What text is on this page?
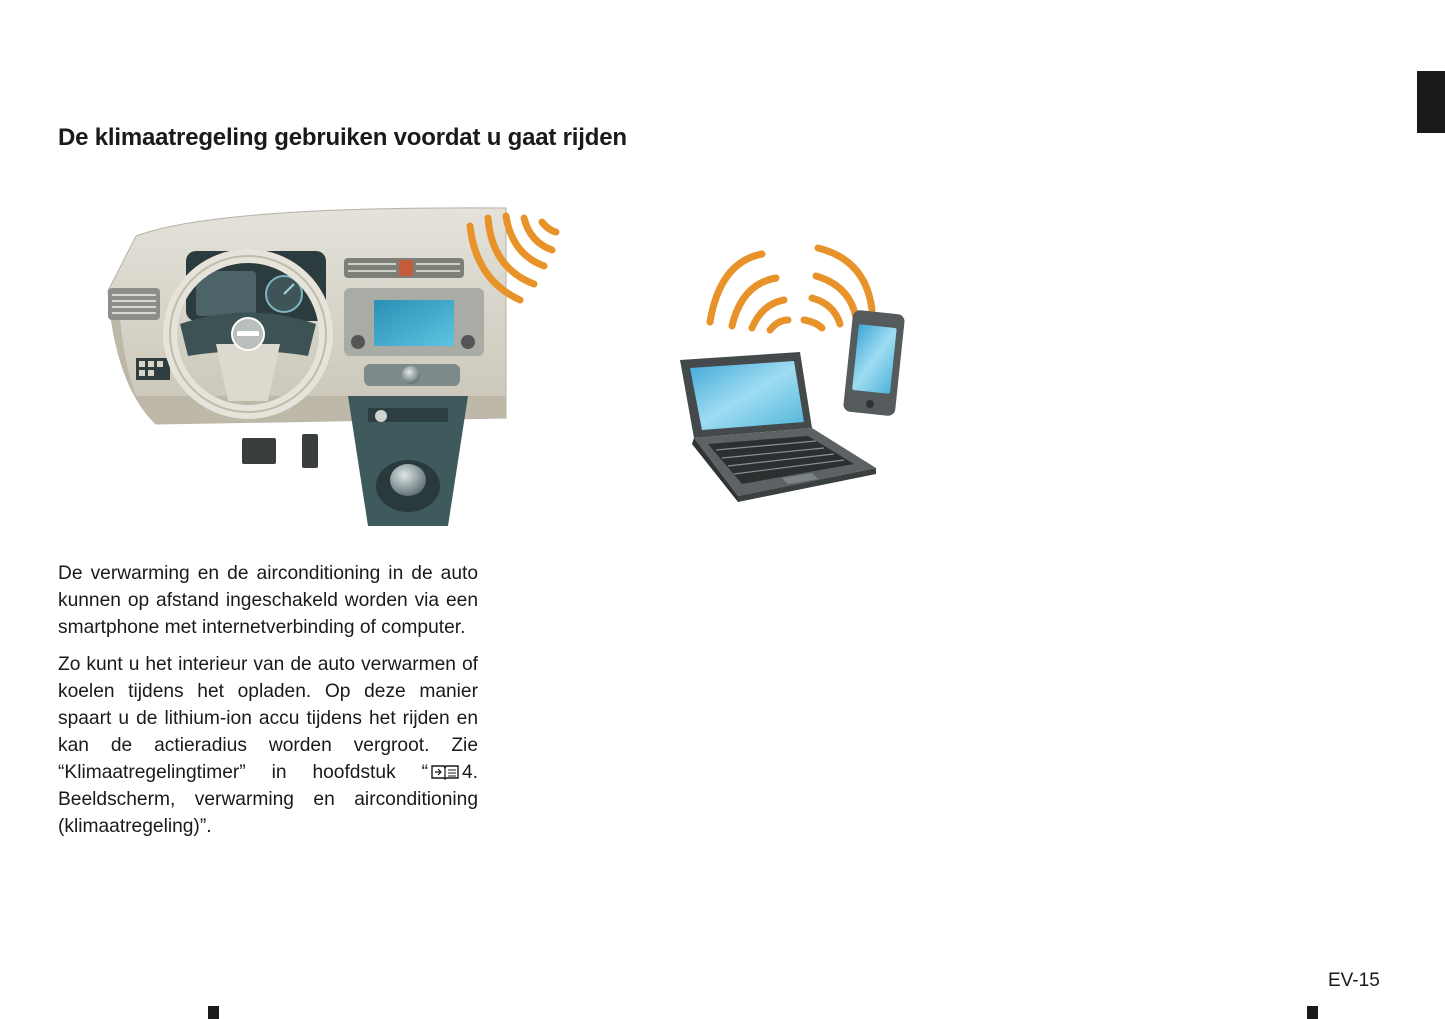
De klimaatregeling gebruiken voordat u gaat rijden

De verwarming en de airconditioning in de auto kunnen op afstand ingeschakeld worden via een smartphone met internetverbinding of computer.

Zo kunt u het interieur van de auto verwarmen of koelen tijdens het opladen. Op deze manier spaart u de lithium-ion accu tijdens het rijden en kan de actieradius worden vergroot. Zie “Klimaatregelingtimer” in hoofdstuk “ 4. Beeldscherm, verwarming en airconditioning (klimaatregeling)”.

EV-15
